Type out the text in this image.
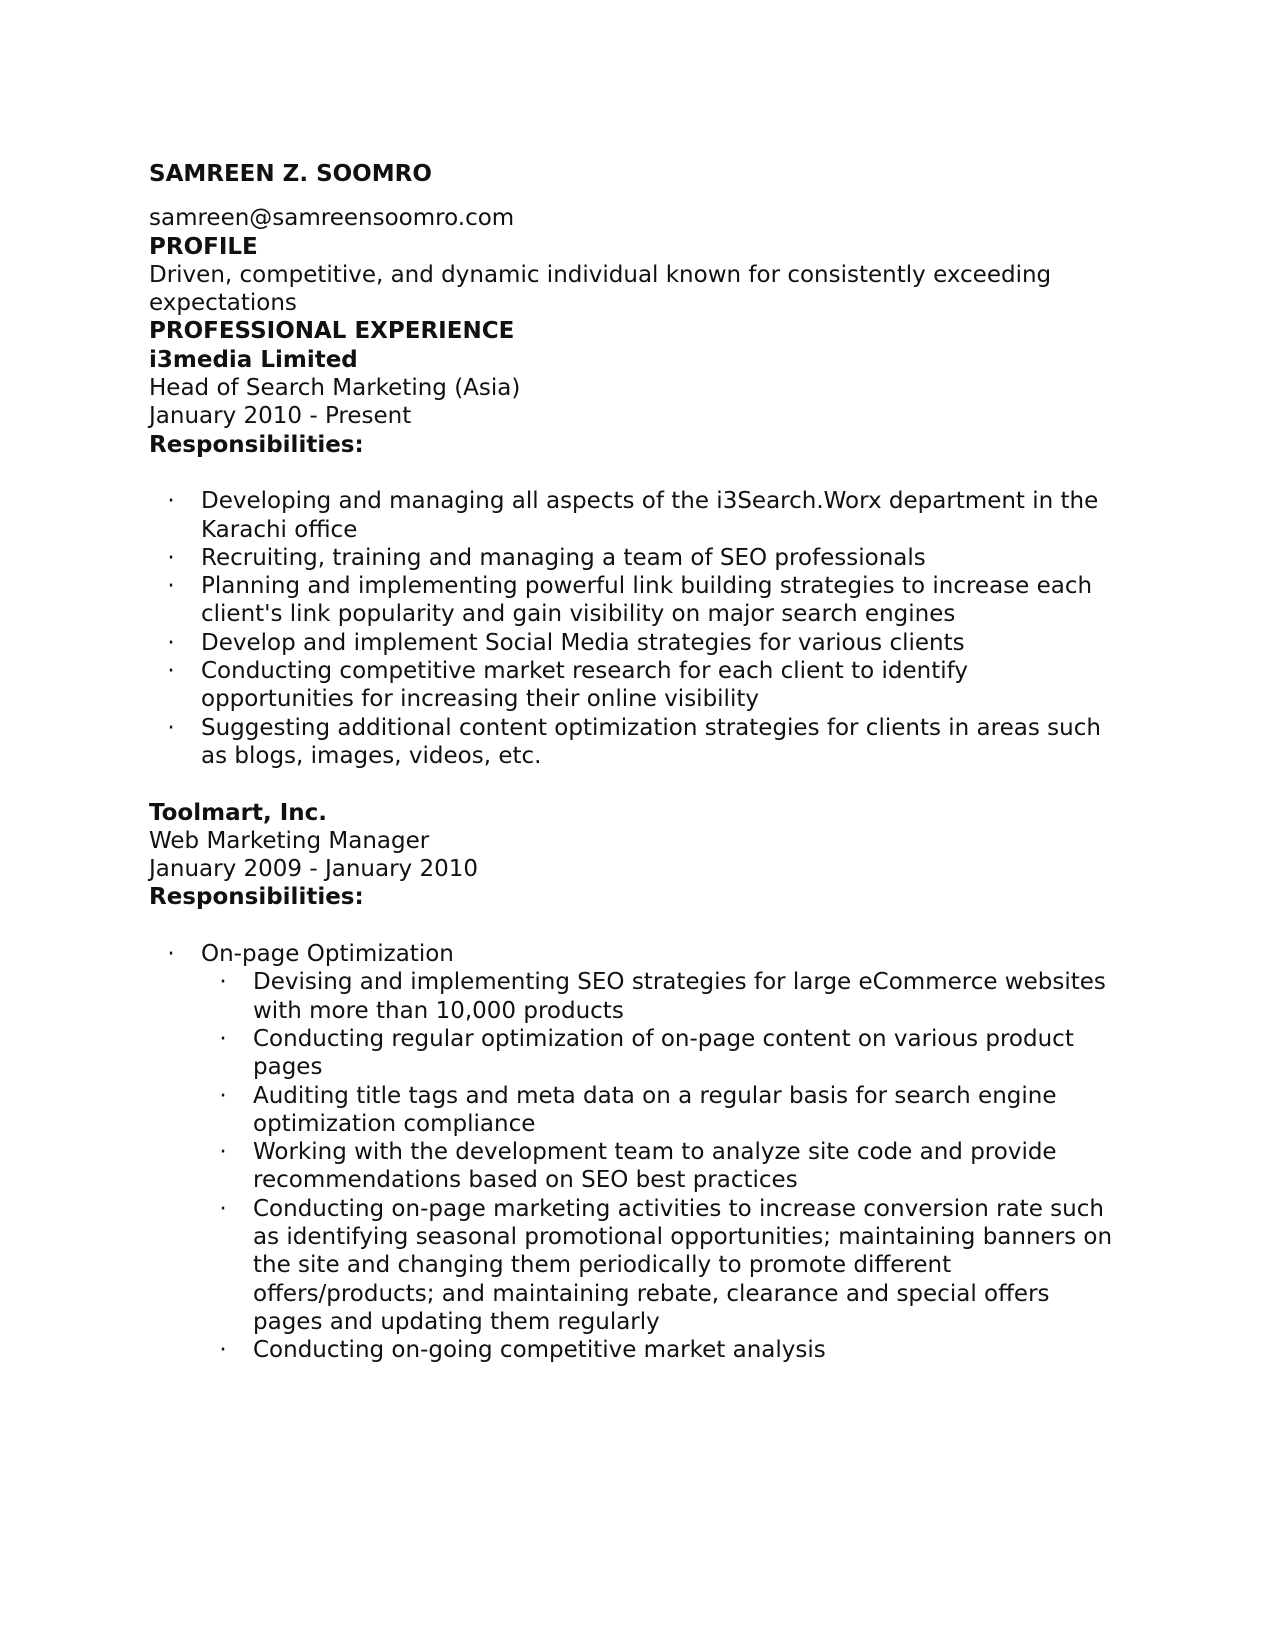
SAMREEN Z. SOOMRO
samreen@samreensoomro.com
PROFILE
Driven, competitive, and dynamic individual known for consistently exceeding expectations
PROFESSIONAL EXPERIENCE
i3media Limited
Head of Search Marketing (Asia)
January 2010 - Present
Responsibilities:
· Developing and managing all aspects of the i3Search.Worx department in the Karachi office
· Recruiting, training and managing a team of SEO professionals
· Planning and implementing powerful link building strategies to increase each client's link popularity and gain visibility on major search engines
· Develop and implement Social Media strategies for various clients
· Conducting competitive market research for each client to identify opportunities for increasing their online visibility
· Suggesting additional content optimization strategies for clients in areas such as blogs, images, videos, etc.
Toolmart, Inc.
Web Marketing Manager
January 2009 - January 2010
Responsibilities:
· On-page Optimization
· Devising and implementing SEO strategies for large eCommerce websites with more than 10,000 products
· Conducting regular optimization of on-page content on various product pages
· Auditing title tags and meta data on a regular basis for search engine optimization compliance
· Working with the development team to analyze site code and provide recommendations based on SEO best practices
· Conducting on-page marketing activities to increase conversion rate such as identifying seasonal promotional opportunities; maintaining banners on the site and changing them periodically to promote different offers/products; and maintaining rebate, clearance and special offers pages and updating them regularly
· Conducting on-going competitive market analysis
